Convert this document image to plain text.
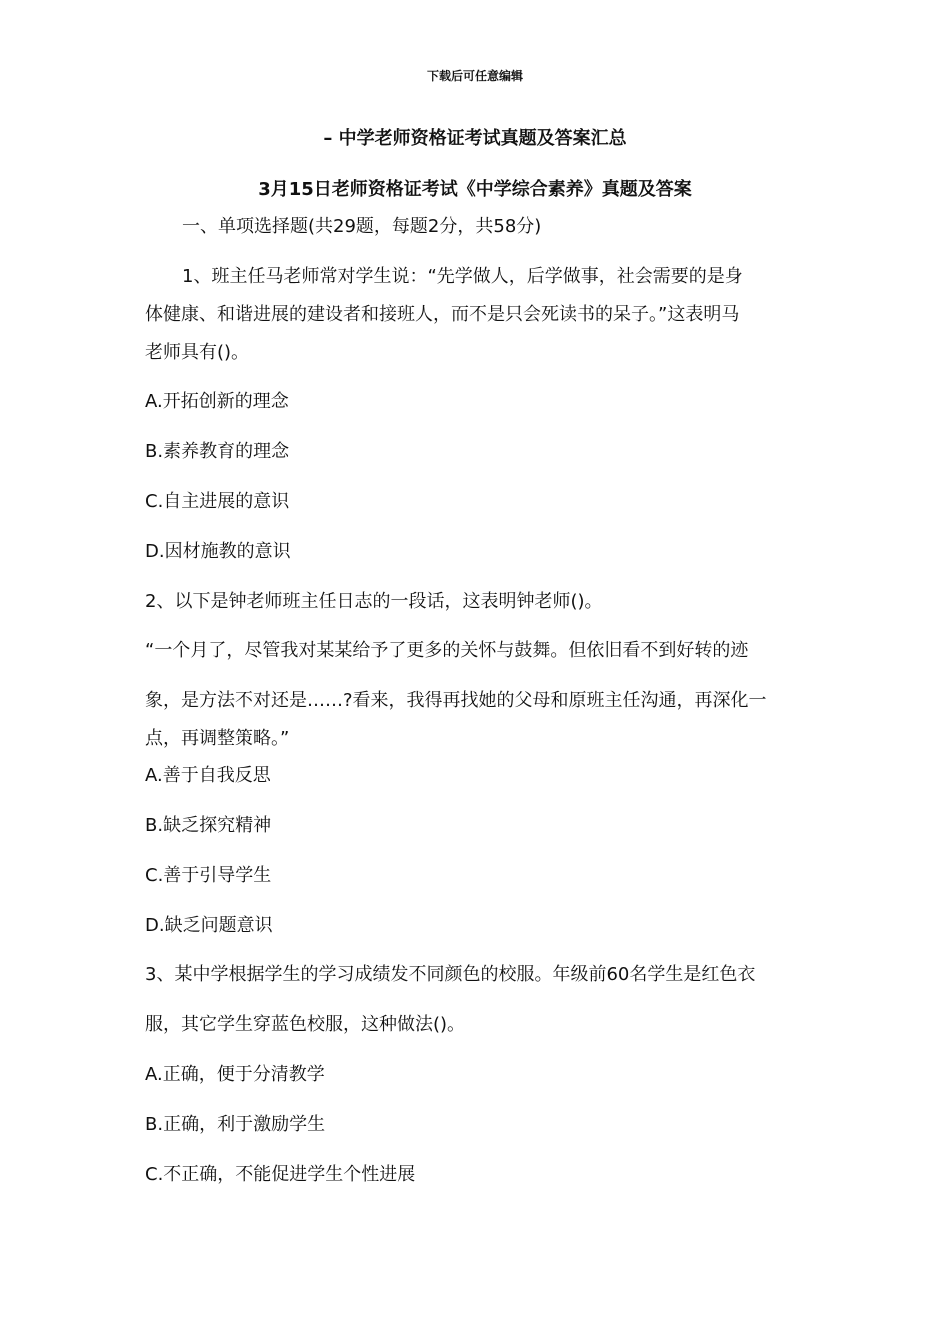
下载后可任意编辑
– 中学老师资格证考试真题及答案汇总
3月15日老师资格证考试《中学综合素养》真题及答案
一、单项选择题(共29题，每题2分，共58分)
1、班主任马老师常对学生说：“先学做人，后学做事，社会需要的是身
体健康、和谐进展的建设者和接班人，而不是只会死读书的呆子。”这表明马
老师具有()。
A.开拓创新的理念
B.素养教育的理念
C.自主进展的意识
D.因材施教的意识
2、以下是钟老师班主任日志的一段话，这表明钟老师()。
“一个月了，尽管我对某某给予了更多的关怀与鼓舞。但依旧看不到好转的迹
象，是方法不对还是……?看来，我得再找她的父母和原班主任沟通，再深化一
点，再调整策略。”
A.善于自我反思
B.缺乏探究精神
C.善于引导学生
D.缺乏问题意识
3、某中学根据学生的学习成绩发不同颜色的校服。年级前60名学生是红色衣
服，其它学生穿蓝色校服，这种做法()。
A.正确，便于分清教学
B.正确，利于激励学生
C.不正确，不能促进学生个性进展
